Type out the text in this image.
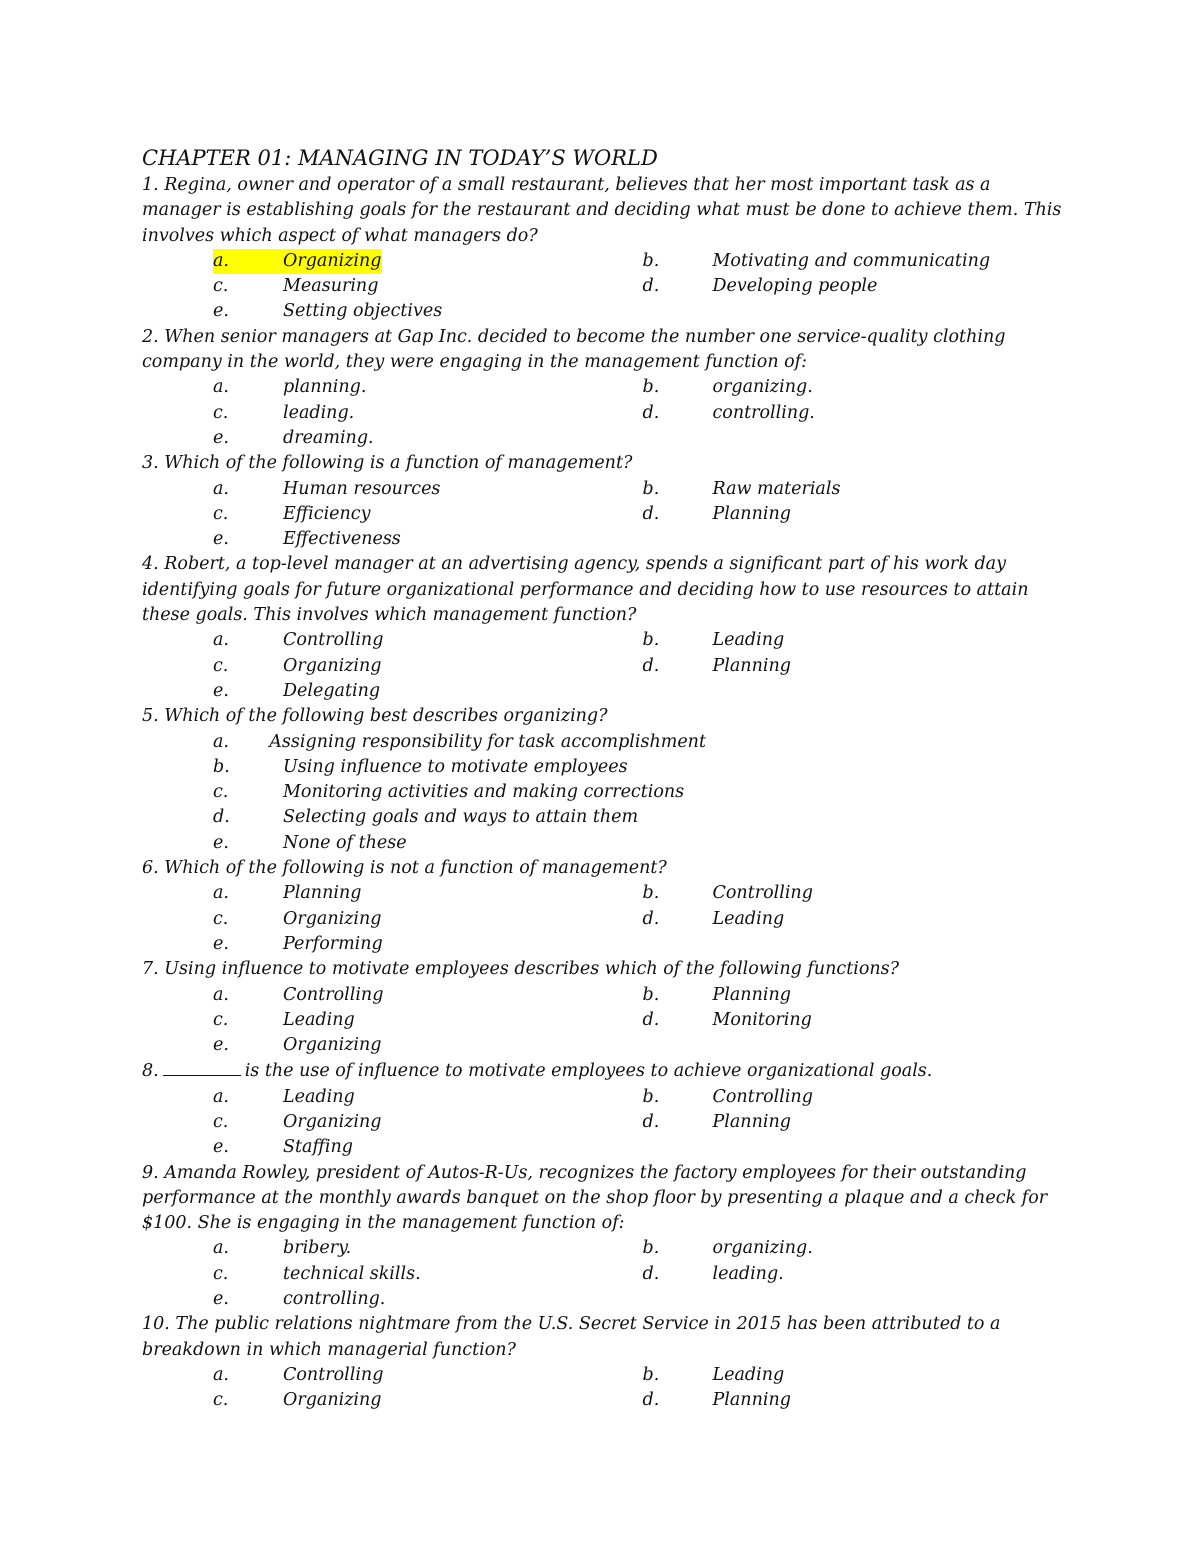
CHAPTER 01: MANAGING IN TODAY’S WORLD

1. Regina, owner and operator of a small restaurant, believes that her most important task as a manager is establishing goals for the restaurant and deciding what must be done to achieve them. This involves which aspect of what managers do?

a.	Organizing	b.	Motivating and communicating
c.	Measuring	d.	Developing people
e.	Setting objectives

2. When senior managers at Gap Inc. decided to become the number one service-quality clothing company in the world, they were engaging in the management function of:

a.	planning.	b.	organizing.
c.	leading.	d.	controlling.
e.	dreaming.

3. Which of the following is a function of management?

a.	Human resources	b.	Raw materials
c.	Efficiency	d.	Planning
e.	Effectiveness

4. Robert, a top-level manager at an advertising agency, spends a significant part of his work day identifying goals for future organizational performance and deciding how to use resources to attain these goals. This involves which management function?

a.	Controlling	b.	Leading
c.	Organizing	d.	Planning
e.	Delegating

5. Which of the following best describes organizing?

a.	Assigning responsibility for task accomplishment
b.	Using influence to motivate employees
c.	Monitoring activities and making corrections
d.	Selecting goals and ways to attain them
e.	None of these

6. Which of the following is not a function of management?

a.	Planning	b.	Controlling
c.	Organizing	d.	Leading
e.	Performing

7. Using influence to motivate employees describes which of the following functions?

a.	Controlling	b.	Planning
c.	Leading	d.	Monitoring
e.	Organizing

8.	is the use of influence to motivate employees to achieve organizational goals.

a.	Leading	b.	Controlling
c.	Organizing	d.	Planning
e.	Staffing

9. Amanda Rowley, president of Autos-R-Us, recognizes the factory employees for their outstanding performance at the monthly awards banquet on the shop floor by presenting a plaque and a check for $100. She is engaging in the management function of:

a.	bribery.	b.	organizing.
c.	technical skills.	d.	leading.
e.	controlling.

10. The public relations nightmare from the U.S. Secret Service in 2015 has been attributed to a breakdown in which managerial function?

a.	Controlling	b.	Leading
c.	Organizing	d.	Planning
